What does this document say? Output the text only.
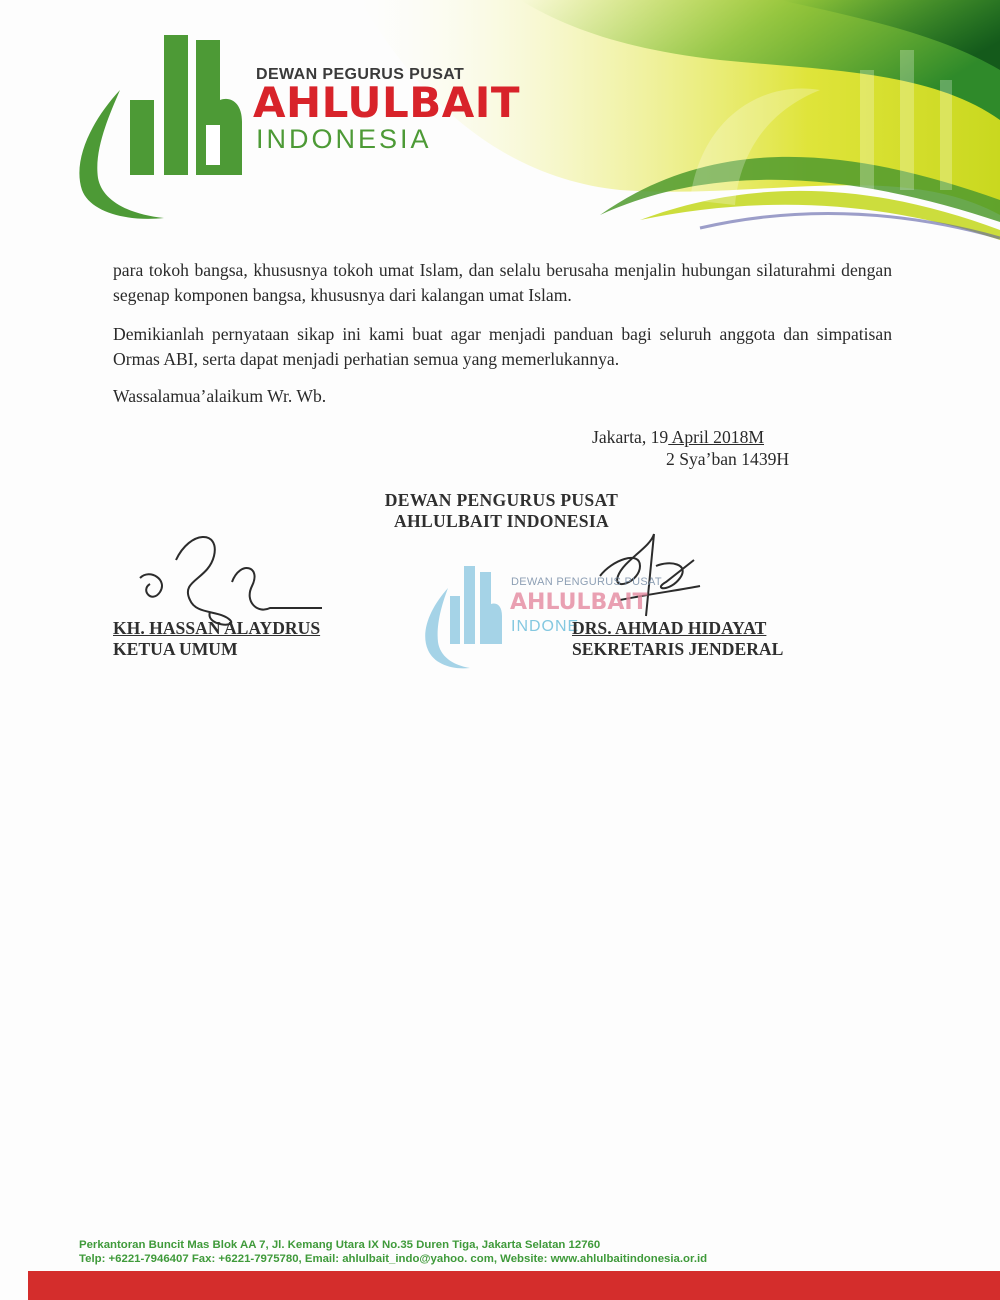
DEWAN PEGURUS PUSAT

AHLULBAIT

INDONESIA

para tokoh bangsa, khususnya tokoh umat Islam, dan selalu berusaha menjalin hubungan silaturahmi dengan segenap komponen bangsa, khususnya dari kalangan umat Islam.

Demikianlah pernyataan sikap ini kami buat agar menjadi panduan bagi seluruh anggota dan simpatisan Ormas ABI, serta dapat menjadi perhatian semua yang memerlukannya.

Wassalamua’alaikum Wr. Wb.

Jakarta, 19 April 2018M
2 Sya’ban 1439H
DEWAN PENGURUS PUSAT
AHLULBAIT INDONESIA
DEWAN PENGURUS PUSAT
AHLULBAIT
INDONE
KH. HASSAN ALAYDRUS
KETUA UMUM
DRS. AHMAD HIDAYAT
SEKRETARIS JENDERAL
Perkantoran Buncit Mas Blok AA 7, Jl. Kemang Utara IX No.35 Duren Tiga, Jakarta Selatan 12760
Telp: +6221-7946407 Fax: +6221-7975780, Email: ahlulbait_indo@yahoo. com, Website: www.ahlulbaitindonesia.or.id
